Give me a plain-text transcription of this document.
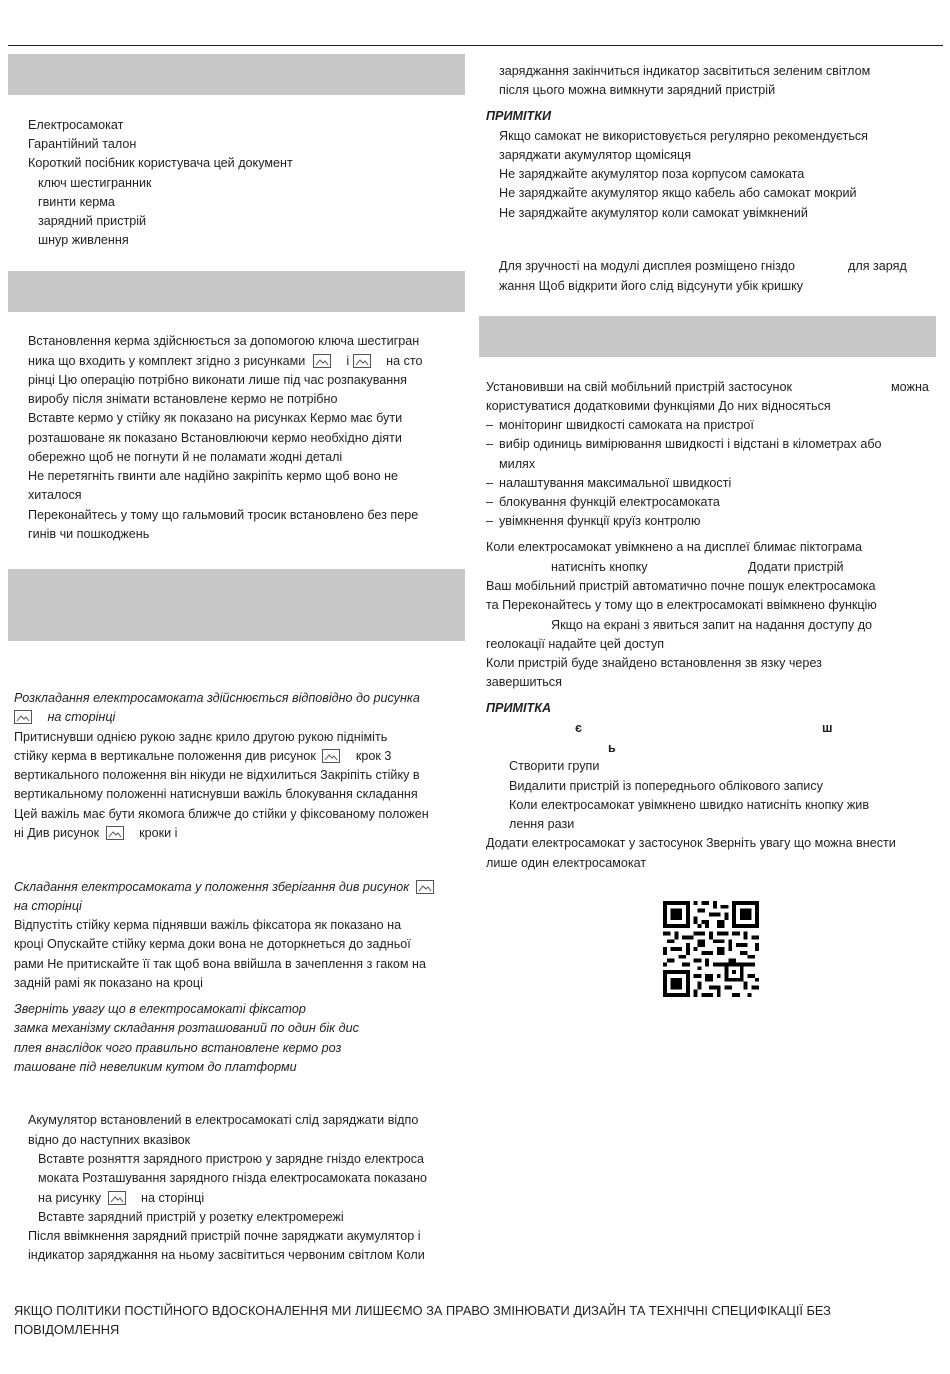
Електросамокат
Гарантійний талон
Короткий посібник користувача цей документ
ключ шестигранник
гвинти керма
зарядний пристрій
шнур живлення
Встановлення керма здійснюється за допомогою ключа шестигран
ника що входить у комплект згідно з рисунками	і	на сто
рінці Цю операцію потрібно виконати лише під час розпакування
виробу після знімати встановлене кермо не потрібно
Вставте кермо у стійку як показано на рисунках Кермо має бути
розташоване як показано Встановлюючи кермо необхідно діяти
обережно щоб не погнути й не поламати жодні деталі
Не перетягніть гвинти але надійно закріпіть кермо щоб воно не
хиталося
Переконайтесь у тому що гальмовий тросик встановлено без пере
гинів чи пошкоджень
Розкладання електросамоката здійснюється відповідно до рисунка
на сторінці
Притиснувши однією рукою заднє крило другою рукою підніміть
стійку керма в вертикальне положення див рисунок	крок 3
вертикального положення він нікуди не відхилиться Закріпіть стійку в
вертикальному положенні натиснувши важіль блокування складання
Цей важіль має бути якомога ближче до стійки у фіксованому положен
ні Див рисунок	кроки і
Складання електросамоката у положення зберігання див рисунок
на сторінці
Відпустіть стійку керма піднявши важіль фіксатора як показано на
кроці Опускайте стійку керма доки вона не доторкнеться до задньої
рами Не притискайте її так щоб вона ввійшла в зачеплення з гаком на
задній рамі як показано на кроці
Зверніть увагу що в електросамокаті фіксатор
замка механізму складання розташований по один бік дис
плея внаслідок чого правильно встановлене кермо роз
ташоване під невеликим кутом до платформи
Акумулятор встановлений в електросамокаті слід заряджати відпо
відно до наступних вказівок
Вставте розняття зарядного пристрою у зарядне гніздо електроса
моката Розташування зарядного гнізда електросамоката показано
на рисунку	на сторінці
Вставте зарядний пристрій у розетку електромережі
Після ввімкнення зарядний пристрій почне заряджати акумулятор і
індикатор заряджання на ньому засвітиться червоним світлом Коли
заряджання закінчиться індикатор засвітиться зеленим світлом
після цього можна вимкнути зарядний пристрій
ПРИМІТКИ
Якщо самокат не використовується регулярно рекомендується
заряджати акумулятор щомісяця
Не заряджайте акумулятор поза корпусом самоката
Не заряджайте акумулятор якщо кабель або самокат мокрий
Не заряджайте акумулятор коли самокат увімкнений
Для зручності на модулі дисплея розміщено гніздо	для заряд
жання Щоб відкрити його слід відсунути убік кришку
Установивши на свій мобільний пристрій застосунок	можна
користуватися додатковими функціями До них відносяться
– моніторинг швидкості самоката на пристрої
– вибір одиниць вимірювання швидкості і відстані в кілометрах або
милях
– налаштування максимальної швидкості
– блокування функцій електросамоката
– увімкнення функції круїз контролю
Коли електросамокат увімкнено а на дисплеї блимає піктограма
натисніть кнопку	Додати пристрій
Ваш мобільний пристрій автоматично почне пошук електросамока
та Переконайтесь у тому що в електросамокаті ввімкнено функцію
Якщо на екрані з явиться запит на надання доступу до
геолокації надайте цей доступ
Коли пристрій буде знайдено встановлення зв язку через
завершиться
ПРИМІТКА
є	ш
ь
Створити групи
Видалити пристрій із попереднього облікового запису
Коли електросамокат увімкнено швидко натисніть кнопку жив
лення рази
Додати електросамокат у застосунок Зверніть увагу що можна внести
лише один електросамокат
ЯКЩО ПОЛІТИКИ ПОСТІЙНОГО ВДОСКОНАЛЕННЯ МИ ЛИШЕЄМО ЗА ПРАВО ЗМІНЮВАТИ ДИЗАЙН ТА ТЕХНІЧНІ СПЕЦИФІКАЦІЇ БЕЗ
ПОВІДОМЛЕННЯ
